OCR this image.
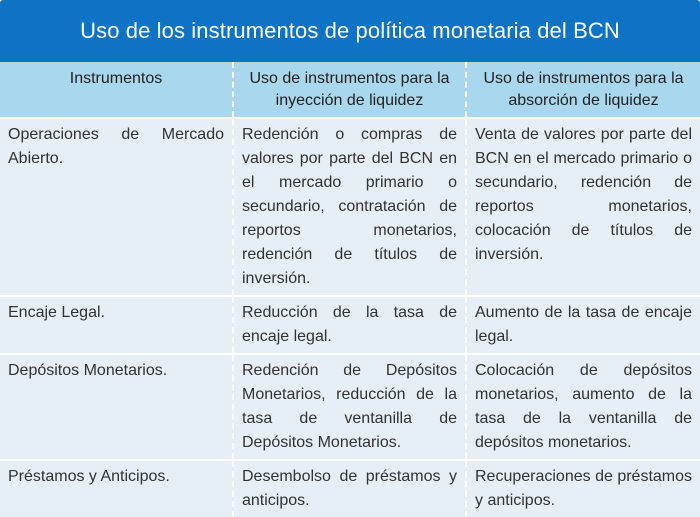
Uso de los instrumentos de política monetaria del BCN
Instrumentos	Uso de instrumentos para la inyección de liquidez	Uso de instrumentos para la absorción de liquidez
Operaciones de Mercado Abierto.	Redención o compras de valores por parte del BCN en el mercado primario o secundario, contratación de reportos monetarios, redención de títulos de inversión.	Venta de valores por parte del BCN en el mercado primario o secundario, redención de reportos monetarios, colocación de títulos de inversión.
Encaje Legal.	Reducción de la tasa de encaje legal.	Aumento de la tasa de encaje legal.
Depósitos Monetarios.	Redención de Depósitos Monetarios, reducción de la tasa de ventanilla de Depósitos Monetarios.	Colocación de depósitos monetarios, aumento de la tasa de la ventanilla de depósitos monetarios.
Préstamos y Anticipos.	Desembolso de préstamos y anticipos.	Recuperaciones de préstamos y anticipos.
